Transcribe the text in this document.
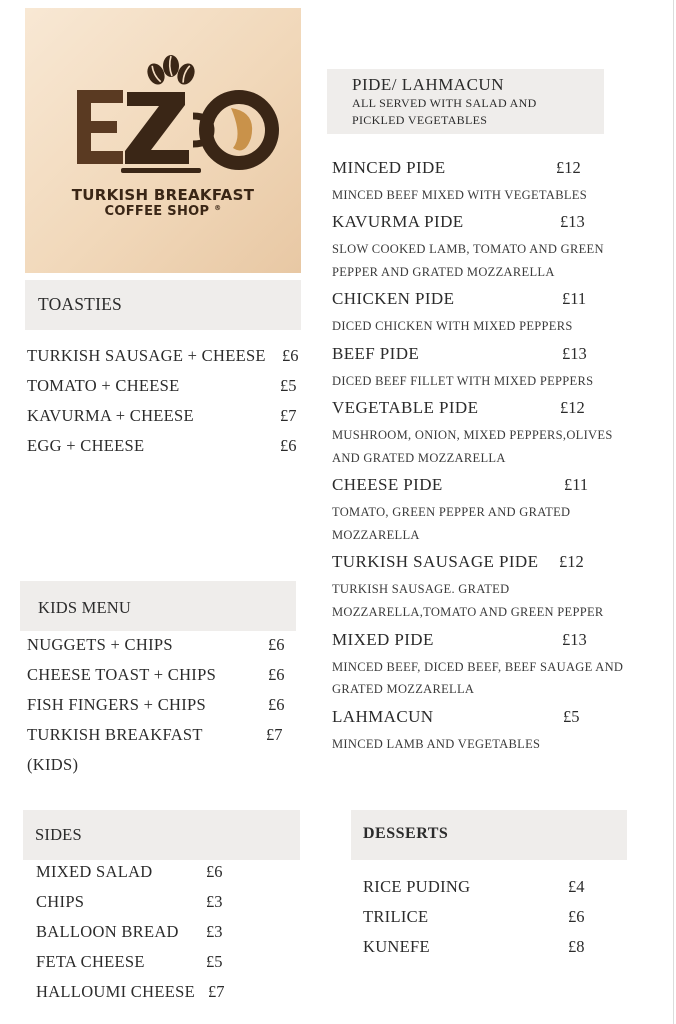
TURKISH BREAKFAST
COFFEE SHOP ®
TOASTIES
TURKISH SAUSAGE + CHEESE £6
TOMATO + CHEESE	£5
KAVURMA + CHEESE	£7
EGG + CHEESE	£6
KIDS MENU
NUGGETS + CHIPS	£6
CHEESE TOAST + CHIPS	£6
FISH FINGERS + CHIPS	£6
TURKISH BREAKFAST	£7
(KIDS)
SIDES
MIXED SALAD	£6
CHIPS	£3
BALLOON BREAD £3
FETA CHEESE	£5
HALLOUMI CHEESE £7
PIDE/ LAHMACUN
ALL SERVED WITH SALAD AND
PICKLED VEGETABLES
MINCED PIDE	£12
MINCED BEEF MIXED WITH VEGETABLES
KAVURMA PIDE	£13
SLOW COOKED LAMB, TOMATO AND GREEN
PEPPER AND GRATED MOZZARELLA
CHICKEN PIDE	£11
DICED CHICKEN WITH MIXED PEPPERS
BEEF PIDE	£13
DICED BEEF FILLET WITH MIXED PEPPERS
VEGETABLE PIDE	£12
MUSHROOM, ONION, MIXED PEPPERS,OLIVES
AND GRATED MOZZARELLA
CHEESE PIDE	£11
TOMATO, GREEN PEPPER AND GRATED
MOZZARELLA
TURKISH SAUSAGE PIDE £12
TURKISH SAUSAGE. GRATED
MOZZARELLA,TOMATO AND GREEN PEPPER
MIXED PIDE	£13
MINCED BEEF, DICED BEEF, BEEF SAUAGE AND
GRATED MOZZARELLA
LAHMACUN	£5
MINCED LAMB AND VEGETABLES
DESSERTS
RICE PUDING	£4
TRILICE	£6
KUNEFE	£8
